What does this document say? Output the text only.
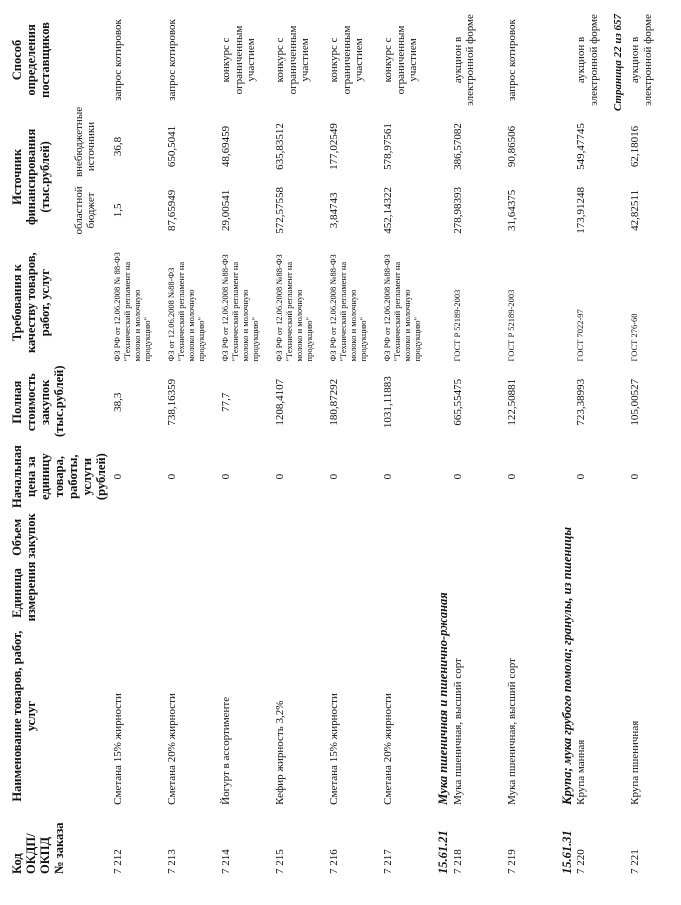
Код ОКДП/ ОКПД № заказа	Наименование товаров, работ, услуг	Единица измерения	Объем закупок	Начальная цена за единицу товара, работы, услуги (рублей)	Полная стоимость закупок (тыс.рублей)	Требования к качеству товаров, работ, услуг	Источник финансирования (тыс.рублей)		Способ определения поставщиков
							областной бюджет	внебюджетные источники	
7 212	Сметана 15% жирности			0	38,3	ФЗ РФ от 12.06.2008 № 88-ФЗ "Технический регламент на молоко и молочную продукцию"	1,5	36,8	запрос котировок
7 213	Сметана 20% жирности			0	738,16359	ФЗ от 12.06.2008 №88-ФЗ "Технический регламент на молоко и молочную продукцию"	87,65949	650,5041	запрос котировок
7 214	Йогурт в ассортименте			0	77,7	ФЗ РФ от 12.06.2008 №88-ФЗ "Технический регламент на молоко и молочную продукцию"	29,00541	48,69459	конкурс с ограниченным участием
7 215	Кефир жирность 3,2%			0	1208,4107	ФЗ РФ от 12.06.2008 №88-ФЗ "Технический регламент на молоко и молочную продукцию"	572,57558	635,83512	конкурс с ограниченным участием
7 216	Сметана 15% жирности			0	180,87292	ФЗ РФ от 12.06.2008 №88-ФЗ "Технический регламент на молоко и молочную продукцию"	3,84743	177,02549	конкурс с ограниченным участием
7 217	Сметана 20% жирности			0	1031,11883	ФЗ РФ от 12.06.2008 №88-ФЗ "Технический регламент на молоко и молочную продукцию"	452,14322	578,97561	конкурс с ограниченным участием
15.61.21	Мука пшеничная и пшенично-ржаная								
7 218	Мука пшеничная, высший сорт			0	665,55475	ГОСТ Р 52189-2003	278,98393	386,57082	аукцион в электронной форме
7 219	Мука пшеничная, высший сорт			0	122,50881	ГОСТ Р 52189-2003	31,64375	90,86506	запрос котировок
15.61.31	Крупа; мука грубого помола; гранулы, из пшеницы								
7 220	Крупа манная			0	723,38993	ГОСТ 7022-97	173,91248	549,47745	аукцион в электронной форме
7 221	Крупа пшеничная			0	105,00527	ГОСТ 276-60	42,82511	62,18016	аукцион в электронной форме
Страница 22 из 657
